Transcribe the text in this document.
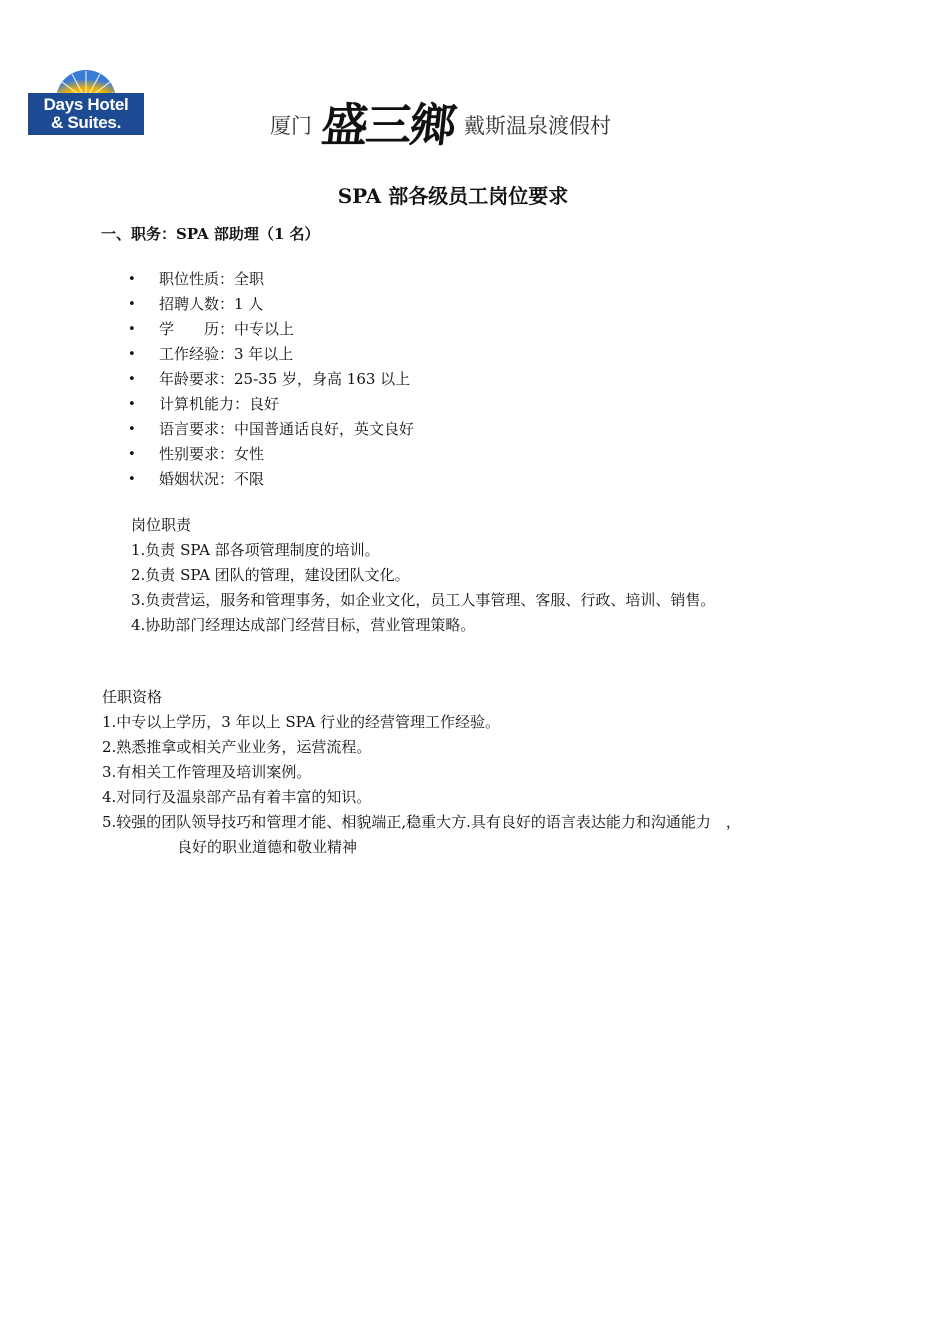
Days Hotel
& Suites.	厦门 盛三鄉 戴斯温泉渡假村
SPA 部各级员工岗位要求
一、职务：SPA 部助理（1 名）
• 职位性质：全职
• 招聘人数：1 人
• 学　　历：中专以上
• 工作经验：3 年以上
• 年龄要求：25-35 岁，身高 163 以上
• 计算机能力：良好
• 语言要求：中国普通话良好，英文良好
• 性别要求：女性
• 婚姻状况：不限
岗位职责
1.负责 SPA 部各项管理制度的培训。
2.负责 SPA 团队的管理，建设团队文化。
3.负责营运，服务和管理事务，如企业文化，员工人事管理、客服、行政、培训、销售。
4.协助部门经理达成部门经营目标，营业管理策略。
任职资格
1.中专以上学历，3 年以上 SPA 行业的经营管理工作经验。
2.熟悉推拿或相关产业业务，运营流程。
3.有相关工作管理及培训案例。
4.对同行及温泉部产品有着丰富的知识。
5.较强的团队领导技巧和管理才能、相貌端正,稳重大方.具有良好的语言表达能力和沟通能力　，
良好的职业道德和敬业精神
